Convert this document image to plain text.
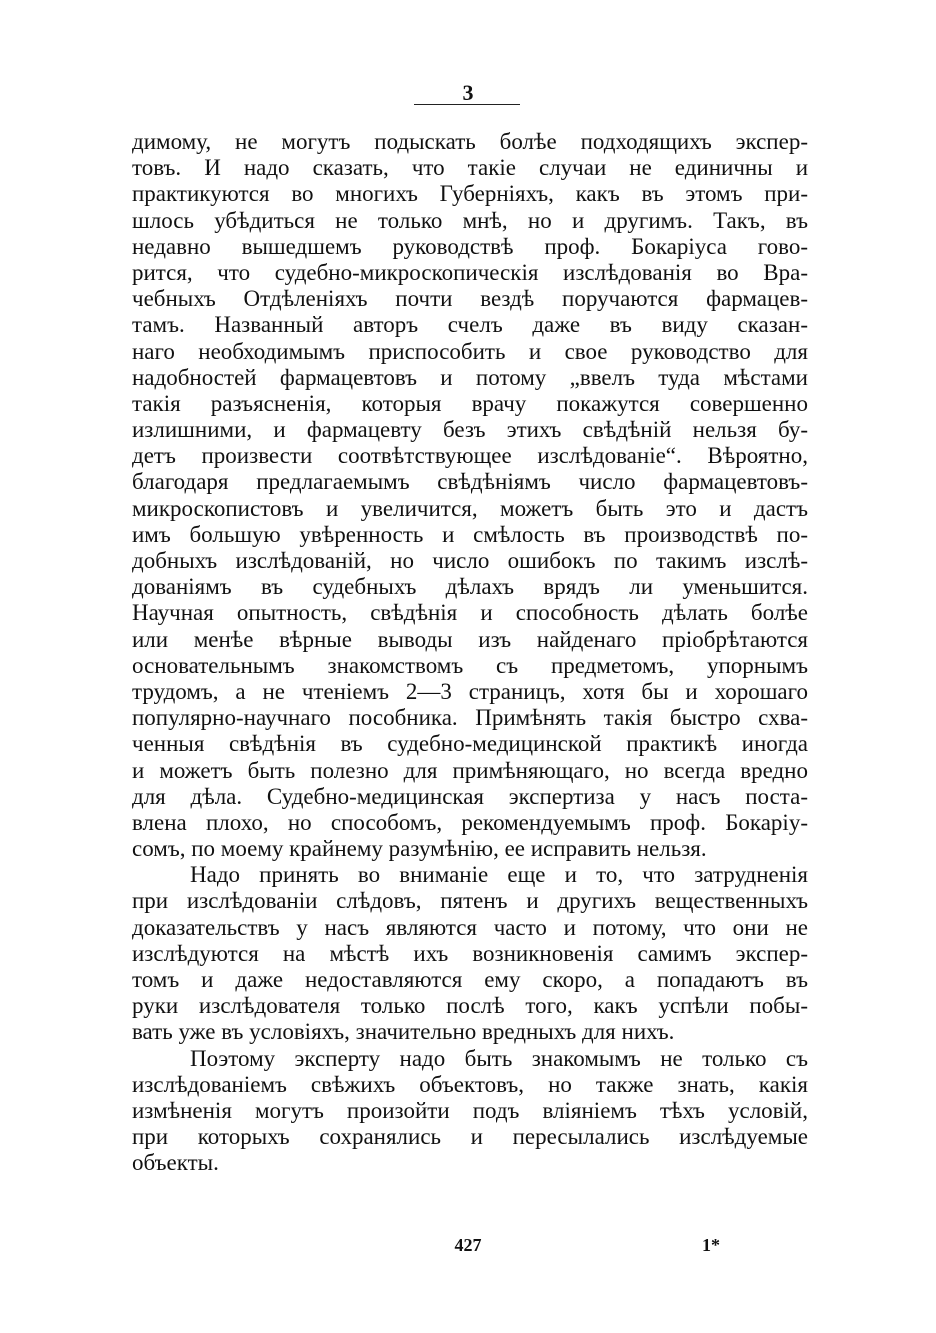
3
димому, не могутъ подыскать болѣе подходящихъ экспер-
товъ. И надо сказать, что такіе случаи не единичны и
практикуются во многихъ Губерніяхъ, какъ въ этомъ при-
шлось убѣдиться не только мнѣ, но и другимъ. Такъ, въ
недавно вышедшемъ руководствѣ проф. Бокаріуса гово-
рится, что судебно-микроскопическія изслѣдованія во Вра-
чебныхъ Отдѣленіяхъ почти вездѣ поручаются фармацев-
тамъ. Названный авторъ счелъ даже въ виду сказан-
наго необходимымъ приспособить и свое руководство для
надобностей фармацевтовъ и потому „ввелъ туда мѣстами
такія разъясненія, которыя врачу покажутся совершенно
излишними, и фармацевту безъ этихъ свѣдѣній нельзя бу-
детъ произвести соотвѣтствующее изслѣдованіе“. Вѣроятно,
благодаря предлагаемымъ свѣдѣніямъ число фармацевтовъ-
микроскопистовъ и увеличится, можетъ быть это и дастъ
имъ большую увѣренность и смѣлость въ производствѣ по-
добныхъ изслѣдованій, но число ошибокъ по такимъ изслѣ-
дованіямъ въ судебныхъ дѣлахъ врядъ ли уменьшится.
Научная опытность, свѣдѣнія и способность дѣлать болѣе
или менѣе вѣрные выводы изъ найденаго пріобрѣтаются
основательнымъ знакомствомъ съ предметомъ, упорнымъ
трудомъ, а не чтеніемъ 2—3 страницъ, хотя бы и хорошаго
популярно-научнаго пособника. Примѣнять такія быстро схва-
ченныя свѣдѣнія въ судебно-медицинской практикѣ иногда
и можетъ быть полезно для примѣняющаго, но всегда вредно
для дѣла. Судебно-медицинская экспертиза у насъ поста-
влена плохо, но способомъ, рекомендуемымъ проф. Бокаріу-
сомъ, по моему крайнему разумѣнію, ее исправить нельзя.
Надо принять во вниманіе еще и то, что затрудненія
при изслѣдованіи слѣдовъ, пятенъ и другихъ вещественныхъ
доказательствъ у насъ являются часто и потому, что они не
изслѣдуются на мѣстѣ ихъ возникновенія самимъ экспер-
томъ и даже недоставляются ему скоро, а попадаютъ въ
руки изслѣдователя только послѣ того, какъ успѣли побы-
вать уже въ условіяхъ, значительно вредныхъ для нихъ.
Поэтому эксперту надо быть знакомымъ не только съ
изслѣдованіемъ свѣжихъ объектовъ, но также знать, какія
измѣненія могутъ произойти подъ вліяніемъ тѣхъ условій,
при которыхъ сохранялись и пересылались изслѣдуемые
объекты.
427	1*
